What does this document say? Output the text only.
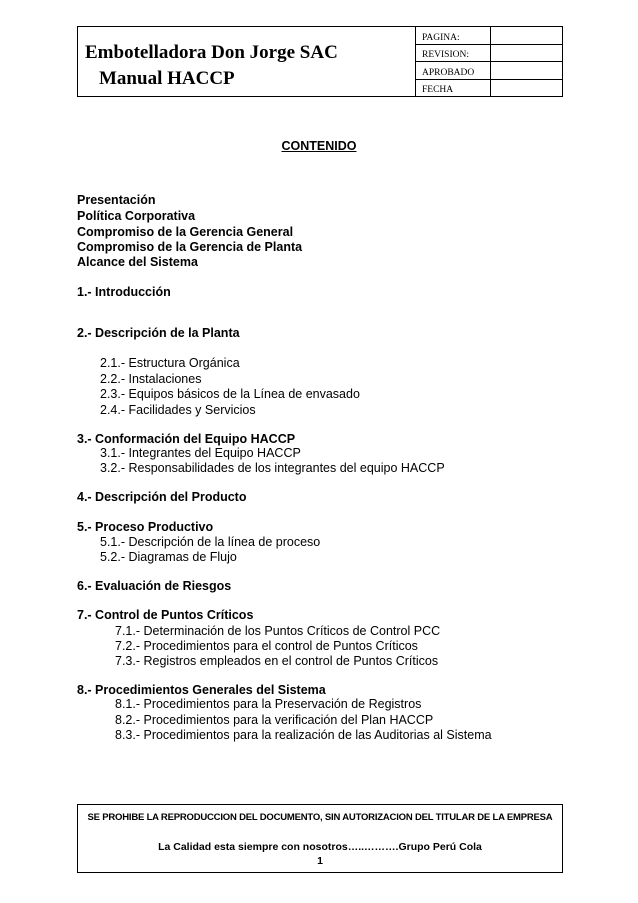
Embotelladora Don Jorge SAC
Manual HACCP
PAGINA:
REVISION:
APROBADO
FECHA
CONTENIDO
Presentación
Política Corporativa
Compromiso de la Gerencia General
Compromiso de la Gerencia de Planta
Alcance del Sistema
1.- Introducción
2.- Descripción de la Planta
2.1.- Estructura Orgánica
2.2.- Instalaciones
2.3.- Equipos básicos de la Línea de envasado
2.4.- Facilidades y Servicios
3.- Conformación del Equipo HACCP
3.1.- Integrantes del Equipo HACCP
3.2.- Responsabilidades de los integrantes del equipo HACCP
4.- Descripción del Producto
5.- Proceso Productivo
5.1.- Descripción de la línea de proceso
5.2.- Diagramas de Flujo
6.- Evaluación de Riesgos
7.- Control de Puntos Críticos
7.1.- Determinación de los Puntos Críticos de Control PCC
7.2.- Procedimientos para el control de Puntos Críticos
7.3.- Registros empleados en el control de Puntos Críticos
8.- Procedimientos Generales del Sistema
8.1.- Procedimientos para la Preservación de Registros
8.2.- Procedimientos para la verificación del Plan HACCP
8.3.- Procedimientos para la realización de las Auditorias al Sistema
SE PROHIBE LA REPRODUCCION DEL DOCUMENTO, SIN AUTORIZACION DEL TITULAR DE LA EMPRESA
La Calidad esta siempre con nosotros…..……….Grupo Perú Cola
1
